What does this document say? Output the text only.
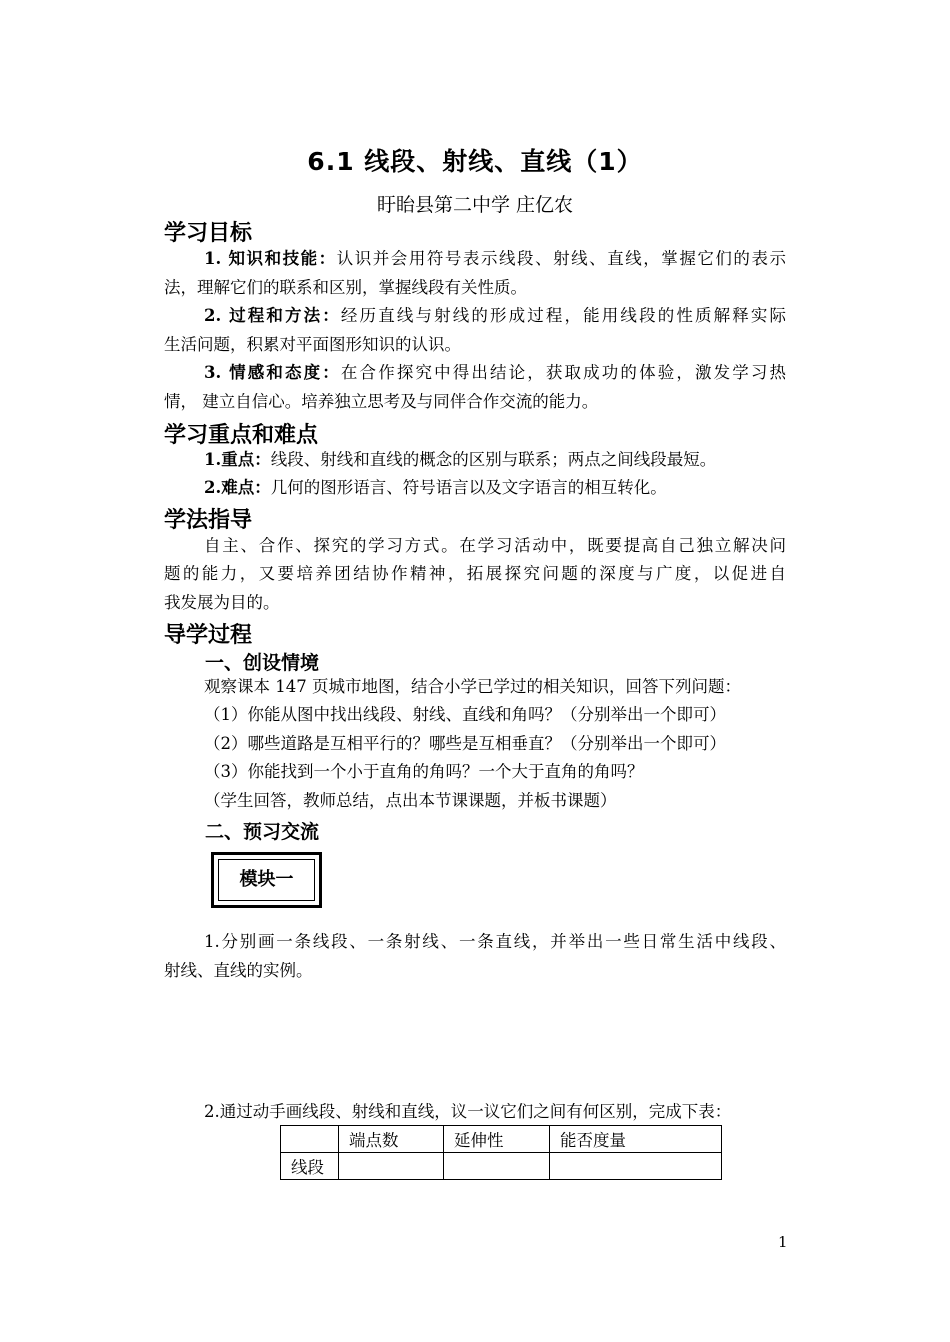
6.1 线段、射线、直线（1）
盱眙县第二中学 庄亿农
学习目标
1. 知识和技能：认识并会用符号表示线段、射线、直线，掌握它们的表示
法，理解它们的联系和区别，掌握线段有关性质。
2. 过程和方法：经历直线与射线的形成过程，能用线段的性质解释实际
生活问题，积累对平面图形知识的认识。
3. 情感和态度：在合作探究中得出结论，获取成功的体验，激发学习热
情， 建立自信心。培养独立思考及与同伴合作交流的能力。
学习重点和难点
1.重点：线段、射线和直线的概念的区别与联系；两点之间线段最短。
2.难点：几何的图形语言、符号语言以及文字语言的相互转化。
学法指导
自主、合作、探究的学习方式。在学习活动中，既要提高自己独立解决问
题的能力，又要培养团结协作精神，拓展探究问题的深度与广度，以促进自
我发展为目的。
导学过程
一、创设情境
观察课本 147 页城市地图，结合小学已学过的相关知识，回答下列问题：
（1）你能从图中找出线段、射线、直线和角吗？（分别举出一个即可）
（2）哪些道路是互相平行的？哪些是互相垂直？（分别举出一个即可）
（3）你能找到一个小于直角的角吗？一个大于直角的角吗？
（学生回答，教师总结，点出本节课课题，并板书课题）
二、预习交流
模块一
1.分别画一条线段、一条射线、一条直线，并举出一些日常生活中线段、
射线、直线的实例。
2.通过动手画线段、射线和直线，议一议它们之间有何区别，完成下表：
	端点数	延伸性	能否度量
线段			
1
